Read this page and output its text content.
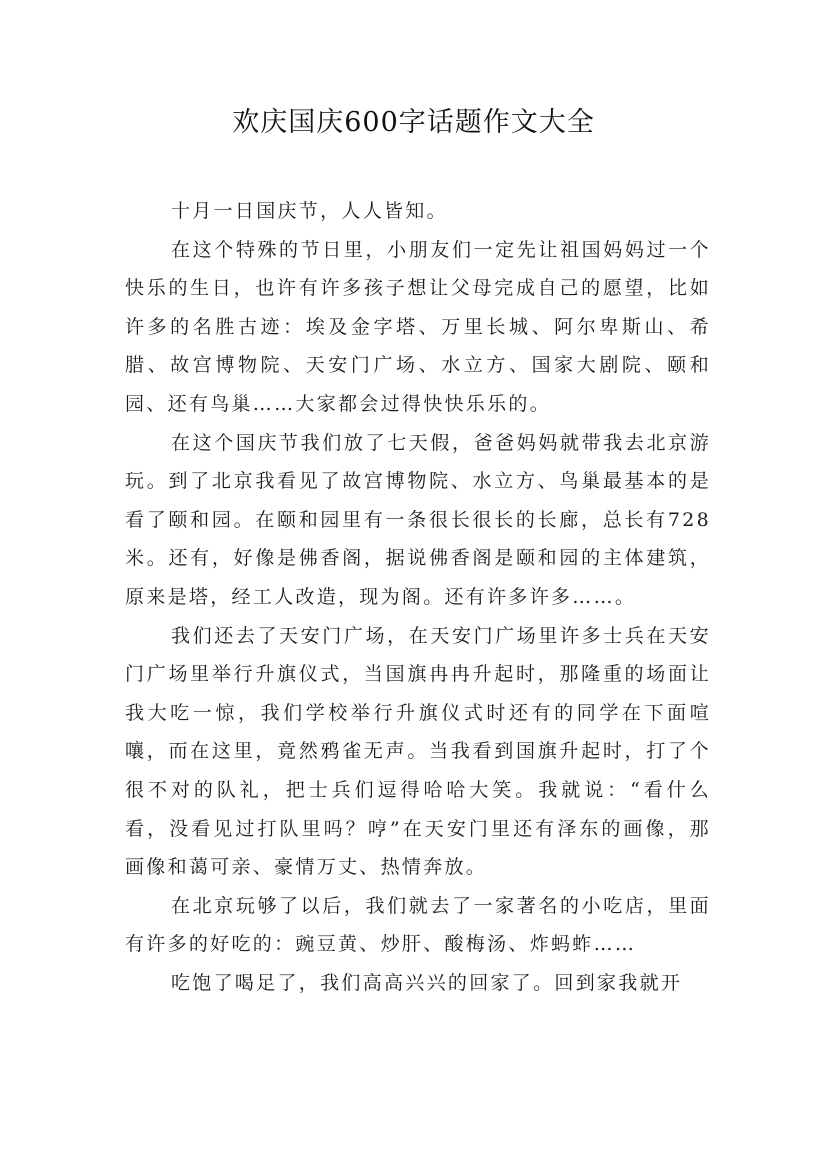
欢庆国庆600字话题作文大全

十月一日国庆节，人人皆知。

在这个特殊的节日里，小朋友们一定先让祖国妈妈过一个快乐的生日，也许有许多孩子想让父母完成自己的愿望，比如许多的名胜古迹：埃及金字塔、万里长城、阿尔卑斯山、希腊、故宫博物院、天安门广场、水立方、国家大剧院、颐和园、还有鸟巢……大家都会过得快快乐乐的。

在这个国庆节我们放了七天假，爸爸妈妈就带我去北京游玩。到了北京我看见了故宫博物院、水立方、鸟巢最基本的是看了颐和园。在颐和园里有一条很长很长的长廊，总长有728米。还有，好像是佛香阁，据说佛香阁是颐和园的主体建筑，原来是塔，经工人改造，现为阁。还有许多许多……。

我们还去了天安门广场，在天安门广场里许多士兵在天安门广场里举行升旗仪式，当国旗冉冉升起时，那隆重的场面让我大吃一惊，我们学校举行升旗仪式时还有的同学在下面喧嚷，而在这里，竟然鸦雀无声。当我看到国旗升起时，打了个很不对的队礼，把士兵们逗得哈哈大笑。我就说：“看什么看，没看见过打队里吗？哼”在天安门里还有泽东的画像，那画像和蔼可亲、豪情万丈、热情奔放。

在北京玩够了以后，我们就去了一家著名的小吃店，里面有许多的好吃的：豌豆黄、炒肝、酸梅汤、炸蚂蚱……

吃饱了喝足了，我们高高兴兴的回家了。回到家我就开
